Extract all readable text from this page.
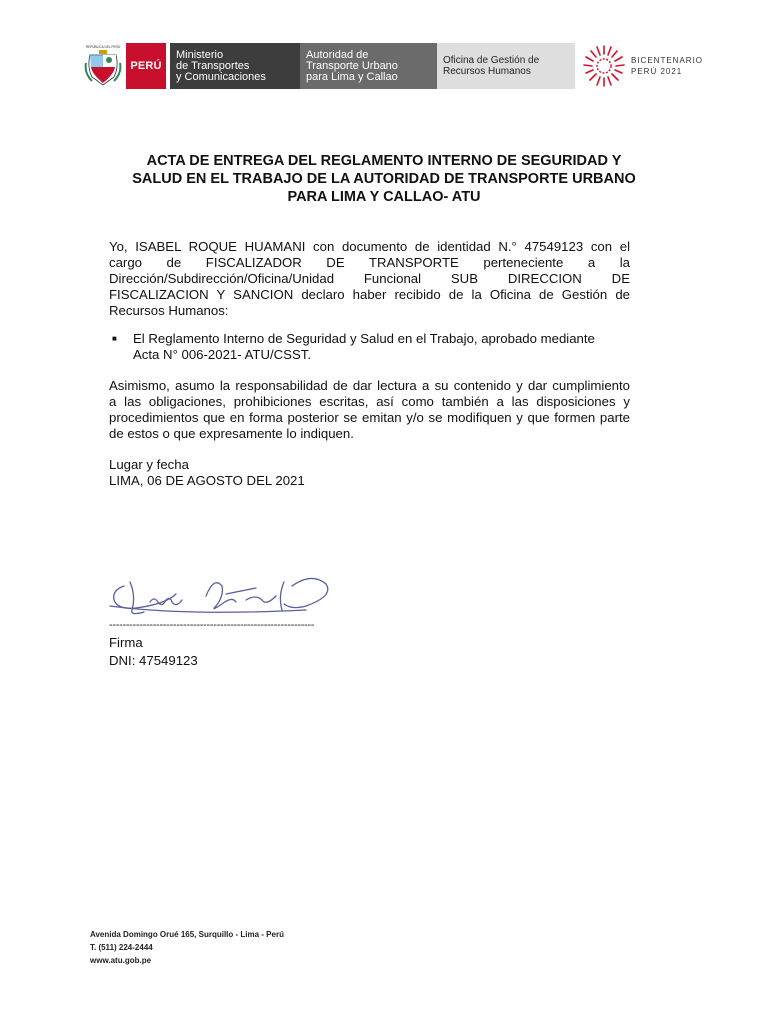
REPÚBLICA DEL PERÚ
PERÚ
Ministerio
de Transportes
y Comunicaciones
Autoridad de
Transporte Urbano
para Lima y Callao
Oficina de Gestión de
Recursos Humanos
BICENTENARIO
PERÚ 2021
ACTA DE ENTREGA DEL REGLAMENTO INTERNO DE SEGURIDAD Y
SALUD EN EL TRABAJO DE LA AUTORIDAD DE TRANSPORTE URBANO
PARA LIMA Y CALLAO- ATU
Yo, ISABEL ROQUE HUAMANI con documento de identidad N.° 47549123 con el
cargo de FISCALIZADOR DE TRANSPORTE perteneciente a la
Dirección/Subdirección/Oficina/Unidad Funcional SUB DIRECCION DE
FISCALIZACION Y SANCION declaro haber recibido de la Oficina de Gestión de
Recursos Humanos:
■ El Reglamento Interno de Seguridad y Salud en el Trabajo, aprobado mediante
Acta N° 006-2021- ATU/CSST.
Asimismo, asumo la responsabilidad de dar lectura a su contenido y dar cumplimiento
a las obligaciones, prohibiciones escritas, así como también a las disposiciones y
procedimientos que en forma posterior se emitan y/o se modifiquen y que formen parte
de estos o que expresamente lo indiquen.
Lugar y fecha
LIMA, 06 DE AGOSTO DEL 2021
-------------------------------------------------------------
Firma
DNI: 47549123
Avenida Domingo Orué 165, Surquillo - Lima - Perú
T. (511) 224-2444
www.atu.gob.pe
